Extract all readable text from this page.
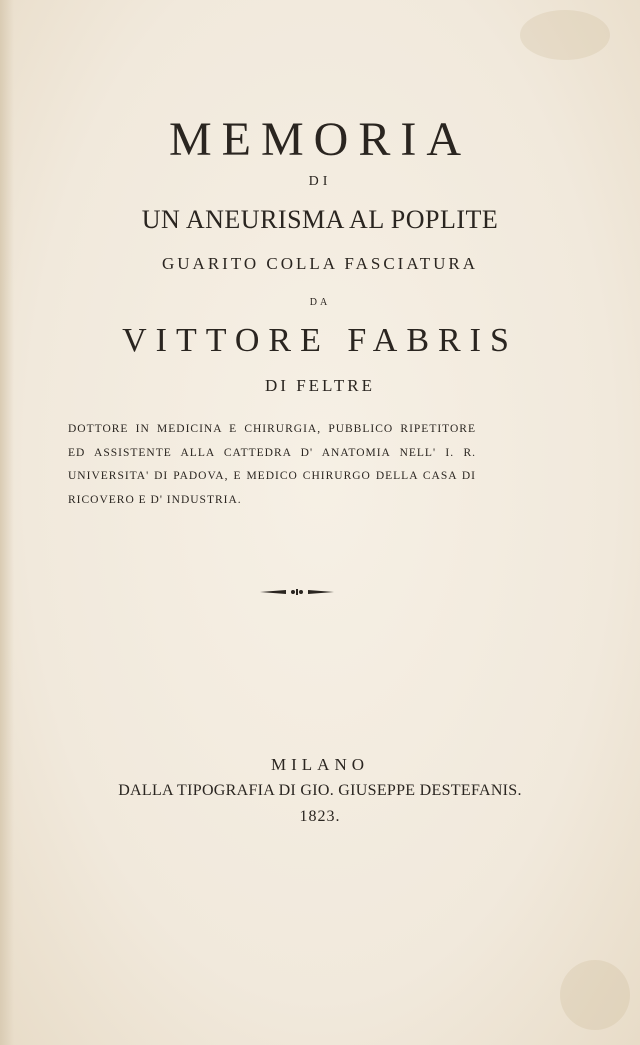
MEMORIA
DI
UN ANEURISMA AL POPLITE
GUARITO COLLA FASCIATURA
DA
VITTORE FABRIS
DI FELTRE
DOTTORE IN MEDICINA E CHIRURGIA, PUBBLICO RIPETITORE ED ASSISTENTE ALLA CATTEDRA D' ANATOMIA NELL' I. R. UNIVERSITA' DI PADOVA, E MEDICO CHIRURGO DELLA CASA DI RICOVERO E D' INDUSTRIA.
MILANO
DALLA TIPOGRAFIA DI GIO. GIUSEPPE DESTEFANIS.
1823.
